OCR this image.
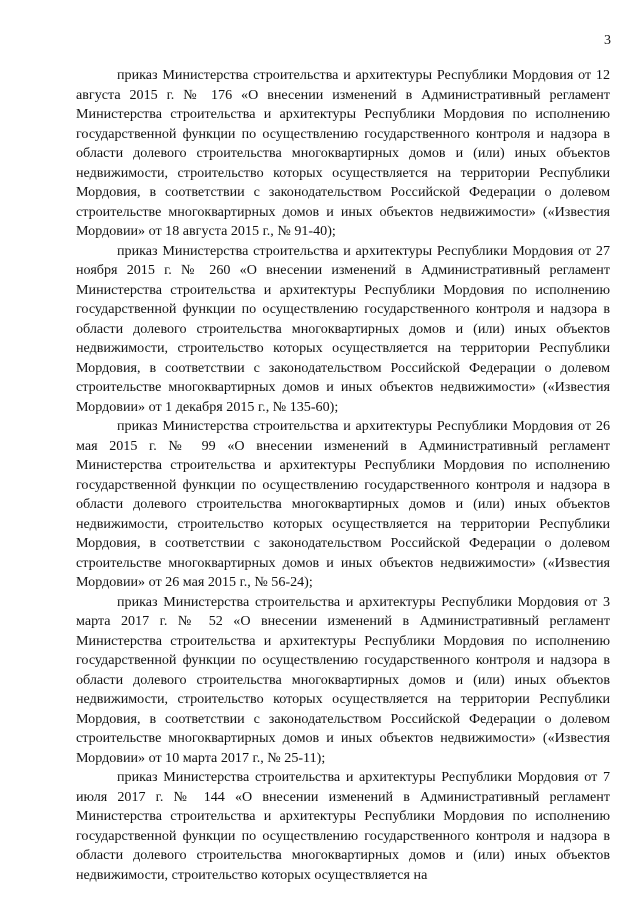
3

приказ Министерства строительства и архитектуры Республики Мордовия от 12 августа 2015 г. № 176 «О внесении изменений в Административный регламент Министерства строительства и архитектуры Республики Мордовия по исполнению государственной функции по осуществлению государственного контроля и надзора в области долевого строительства многоквартирных домов и (или) иных объектов недвижимости, строительство которых осуществляется на территории Республики Мордовия, в соответствии с законодательством Российской Федерации о долевом строительстве многоквартирных домов и иных объектов недвижимости» («Известия Мордовии» от 18 августа 2015 г., № 91-40);

приказ Министерства строительства и архитектуры Республики Мордовия от 27 ноября 2015 г. № 260 «О внесении изменений в Административный регламент Министерства строительства и архитектуры Республики Мордовия по исполнению государственной функции по осуществлению государственного контроля и надзора в области долевого строительства многоквартирных домов и (или) иных объектов недвижимости, строительство которых осуществляется на территории Республики Мордовия, в соответствии с законодательством Российской Федерации о долевом строительстве многоквартирных домов и иных объектов недвижимости» («Известия Мордовии» от 1 декабря 2015 г., № 135-60);

приказ Министерства строительства и архитектуры Республики Мордовия от 26 мая 2015 г. № 99 «О внесении изменений в Административный регламент Министерства строительства и архитектуры Республики Мордовия по исполнению государственной функции по осуществлению государственного контроля и надзора в области долевого строительства многоквартирных домов и (или) иных объектов недвижимости, строительство которых осуществляется на территории Республики Мордовия, в соответствии с законодательством Российской Федерации о долевом строительстве многоквартирных домов и иных объектов недвижимости» («Известия Мордовии» от 26 мая 2015 г., № 56-24);

приказ Министерства строительства и архитектуры Республики Мордовия от 3 марта 2017 г. № 52 «О внесении изменений в Административный регламент Министерства строительства и архитектуры Республики Мордовия по исполнению государственной функции по осуществлению государственного контроля и надзора в области долевого строительства многоквартирных домов и (или) иных объектов недвижимости, строительство которых осуществляется на территории Республики Мордовия, в соответствии с законодательством Российской Федерации о долевом строительстве многоквартирных домов и иных объектов недвижимости» («Известия Мордовии» от 10 марта 2017 г., № 25-11);

приказ Министерства строительства и архитектуры Республики Мордовия от 7 июля 2017 г. № 144 «О внесении изменений в Административный регламент Министерства строительства и архитектуры Республики Мордовия по исполнению государственной функции по осуществлению государственного контроля и надзора в области долевого строительства многоквартирных домов и (или) иных объектов недвижимости, строительство которых осуществляется на
